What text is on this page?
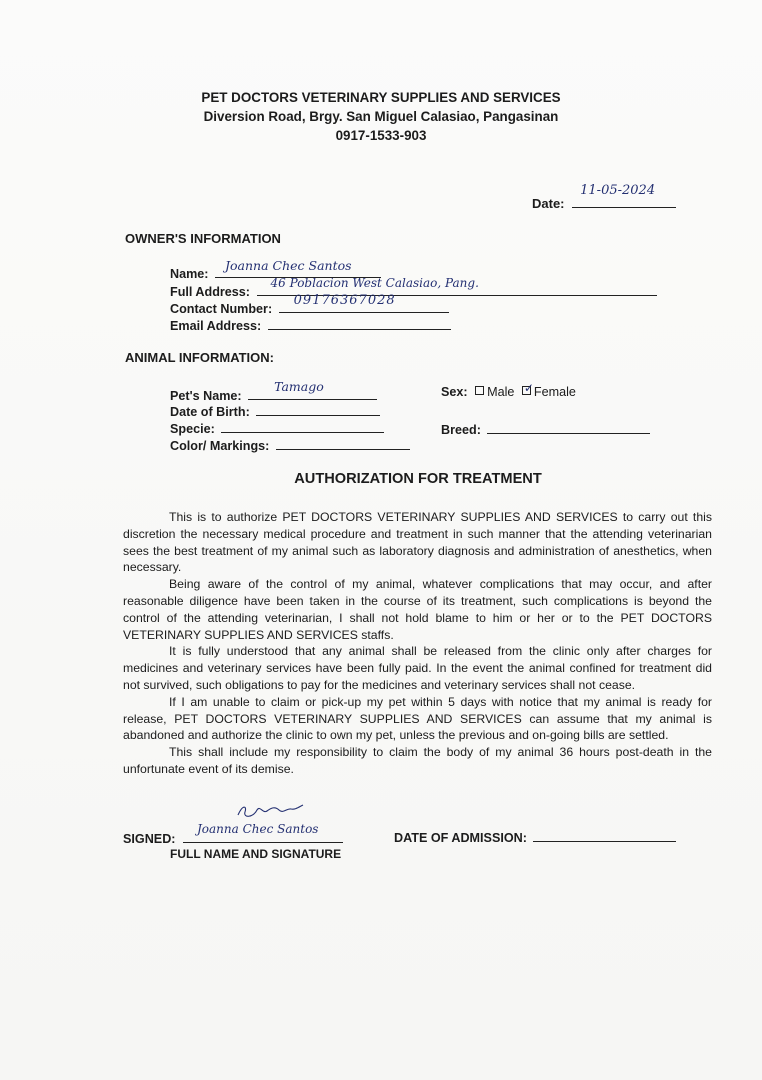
PET DOCTORS VETERINARY SUPPLIES AND SERVICES
Diversion Road, Brgy. San Miguel Calasiao, Pangasinan
0917-1533-903
Date:
11-05-2024
OWNER'S INFORMATION
Name:
Joanna Chec Santos
Full Address:
46 Poblacion West Calasiao, Pang.
Contact Number:
09176367028
Email Address:
ANIMAL INFORMATION:
Pet's Name:
Tamago
Date of Birth:
Specie:
Color/ Markings:
Sex: Male ✓ Female
Breed:
AUTHORIZATION FOR TREATMENT

This is to authorize PET DOCTORS VETERINARY SUPPLIES AND SERVICES to carry out this discretion the necessary medical procedure and treatment in such manner that the attending veterinarian sees the best treatment of my animal such as laboratory diagnosis and administration of anesthetics, when necessary.

Being aware of the control of my animal, whatever complications that may occur, and after reasonable diligence have been taken in the course of its treatment, such complications is beyond the control of the attending veterinarian, I shall not hold blame to him or her or to the PET DOCTORS VETERINARY SUPPLIES AND SERVICES staffs.

It is fully understood that any animal shall be released from the clinic only after charges for medicines and veterinary services have been fully paid. In the event the animal confined for treatment did not survived, such obligations to pay for the medicines and veterinary services shall not cease.

If I am unable to claim or pick-up my pet within 5 days with notice that my animal is ready for release, PET DOCTORS VETERINARY SUPPLIES AND SERVICES can assume that my animal is abandoned and authorize the clinic to own my pet, unless the previous and on-going bills are settled.

This shall include my responsibility to claim the body of my animal 36 hours post-death in the unfortunate event of its demise.

SIGNED:
Joanna Chec Santos
FULL NAME AND SIGNATURE
DATE OF ADMISSION:
